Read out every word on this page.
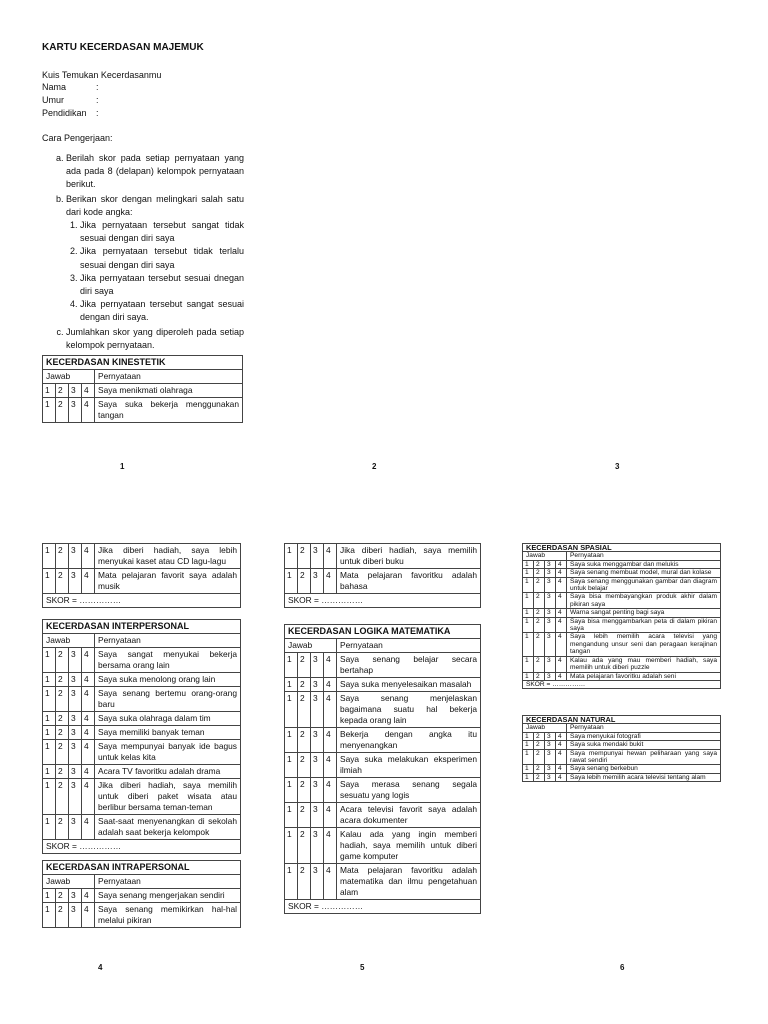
KARTU KECERDASAN MAJEMUK
Kuis Temukan Kecerdasanmu
Nama	:
Umur	:
Pendidikan	:
Cara Pengerjaan:
a. Berilah skor pada setiap pernyataan yang ada pada 8 (delapan) kelompok pernyataan berikut.
b. Berikan skor dengan melingkari salah satu dari kode angka:
1. Jika pernyataan tersebut sangat tidak sesuai dengan diri saya
2. Jika pernyataan tersebut tidak terlalu sesuai dengan diri saya
3. Jika pernyataan tersebut sesuai dnegan diri saya
4. Jika pernyataan tersebut sangat sesuai dengan diri saya.
c. Jumlahkan skor yang diperoleh pada setiap kelompok pernyataan.
KECERDASAN KINESTETIK				
Jawab				Pernyataan
1	2	3	4	Saya menikmati olahraga
1	2	3	4	Saya suka bekerja menggunakan tangan
1	2	3	4	Jika diberi hadiah, saya lebih menyukai kaset atau CD lagu-lagu
1	2	3	4	Mata pelajaran favorit saya adalah musik
SKOR = ……………				
KECERDASAN INTERPERSONAL				
Jawab				Pernyataan
1	2	3	4	Saya sangat menyukai bekerja bersama orang lain
1	2	3	4	Saya suka menolong orang lain
1	2	3	4	Saya senang bertemu orang-orang baru
1	2	3	4	Saya suka olahraga dalam tim
1	2	3	4	Saya memiliki banyak teman
1	2	3	4	Saya mempunyai banyak ide bagus untuk kelas kita
1	2	3	4	Acara TV favoritku adalah drama
1	2	3	4	Jika diberi hadiah, saya memilih untuk diberi paket wisata atau berlibur bersama teman-teman
1	2	3	4	Saat-saat menyenangkan di sekolah adalah saat bekerja kelompok
SKOR = ……………				
KECERDASAN INTRAPERSONAL				
Jawab				Pernyataan
1	2	3	4	Saya senang mengerjakan sendiri
1	2	3	4	Saya senang memikirkan hal-hal melalui pikiran
1	2	3	4	Jika diberi hadiah, saya memilih untuk diberi buku
1	2	3	4	Mata pelajaran favoritku adalah bahasa
SKOR = ……………				
KECERDASAN LOGIKA MATEMATIKA				
Jawab				Pernyataan
1	2	3	4	Saya senang belajar secara bertahap
1	2	3	4	Saya suka menyelesaikan masalah
1	2	3	4	Saya senang menjelaskan bagaimana suatu hal bekerja kepada orang lain
1	2	3	4	Bekerja dengan angka itu menyenangkan
1	2	3	4	Saya suka melakukan eksperimen ilmiah
1	2	3	4	Saya merasa senang segala sesuatu yang logis
1	2	3	4	Acara televisi favorit saya adalah acara dokumenter
1	2	3	4	Kalau ada yang ingin memberi hadiah, saya memilih untuk diberi game komputer
1	2	3	4	Mata pelajaran favoritku adalah matematika dan ilmu pengetahuan alam
SKOR = ……………				
KECERDASAN SPASIAL				
Jawab				Pernyataan
1	2	3	4	Saya suka menggambar dan melukis
1	2	3	4	Saya senang membuat model, mural dan kolase
1	2	3	4	Saya senang menggunakan gambar dan diagram untuk belajar
1	2	3	4	Saya bisa membayangkan produk akhir dalam pikiran saya
1	2	3	4	Warna sangat penting bagi saya
1	2	3	4	Saya bisa menggambarkan peta di dalam pikiran saya
1	2	3	4	Saya lebih memilih acara televisi yang mengandung unsur seni dan peragaan kerajinan tangan
1	2	3	4	Kalau ada yang mau memberi hadiah, saya memilih untuk diberi puzzle
1	2	3	4	Mata pelajaran favoritku adalah seni
SKOR = ……………				
KECERDASAN NATURAL				
Jawab				Pernyataan
1	2	3	4	Saya menyukai fotografi
1	2	3	4	Saya suka mendaki bukit
1	2	3	4	Saya mempunyai hewan peliharaan yang saya rawat sendiri
1	2	3	4	Saya senang berkebun
1	2	3	4	Saya lebih memilih acara televisi tentang alam
1	2	3
4	5	6
